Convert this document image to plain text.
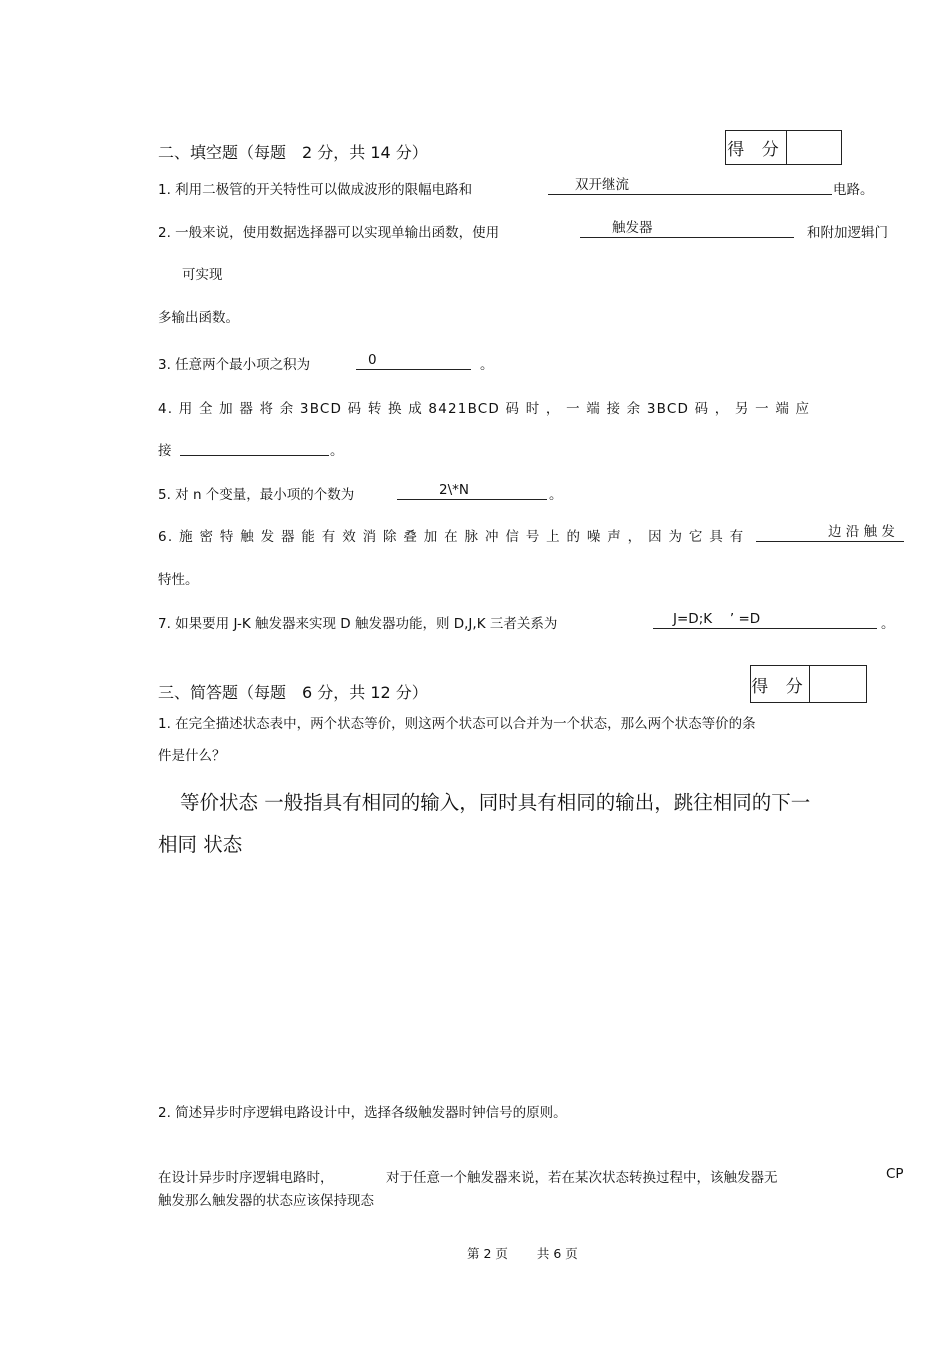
二、填空题（每题　2 分，共 14 分）	得 分
1. 利用二极管的开关特性可以做成波形的限幅电路和	双开继流	电路。
2. 一般来说，使用数据选择器可以实现单输出函数，使用	触发器	和附加逻辑门
可实现
多输出函数。
3. 任意两个最小项之积为	0	。
4. 用 全 加 器 将 余 3BCD 码 转 换 成 8421BCD 码 时 ， 一 端 接 余 3BCD 码 ， 另 一 端 应
接	。
5. 对 n 个变量，最小项的个数为	2\*N	。
6. 施 密 特 触 发 器 能 有 效 消 除 叠 加 在 脉 冲 信 号 上 的 噪 声 ， 因 为 它 具 有	边 沿 触 发
特性。
7. 如果要用 J-K 触发器来实现 D 触发器功能，则 D,J,K 三者关系为	J=D;K　 ’ =D	。
三、简答题（每题　6 分，共 12 分）	得 分
1. 在完全描述状态表中，两个状态等价，则这两个状态可以合并为一个状态，那么两个状态等价的条
件是什么？
等价状态 一般指具有相同的输入，同时具有相同的输出，跳往相同的下一
相同 状态
2. 简述异步时序逻辑电路设计中，选择各级触发器时钟信号的原则。
在设计异步时序逻辑电路时，	对于任意一个触发器来说，若在某次状态转换过程中，该触发器无	CP
触发那么触发器的状态应该保持现态
第 2 页　　 共 6 页
